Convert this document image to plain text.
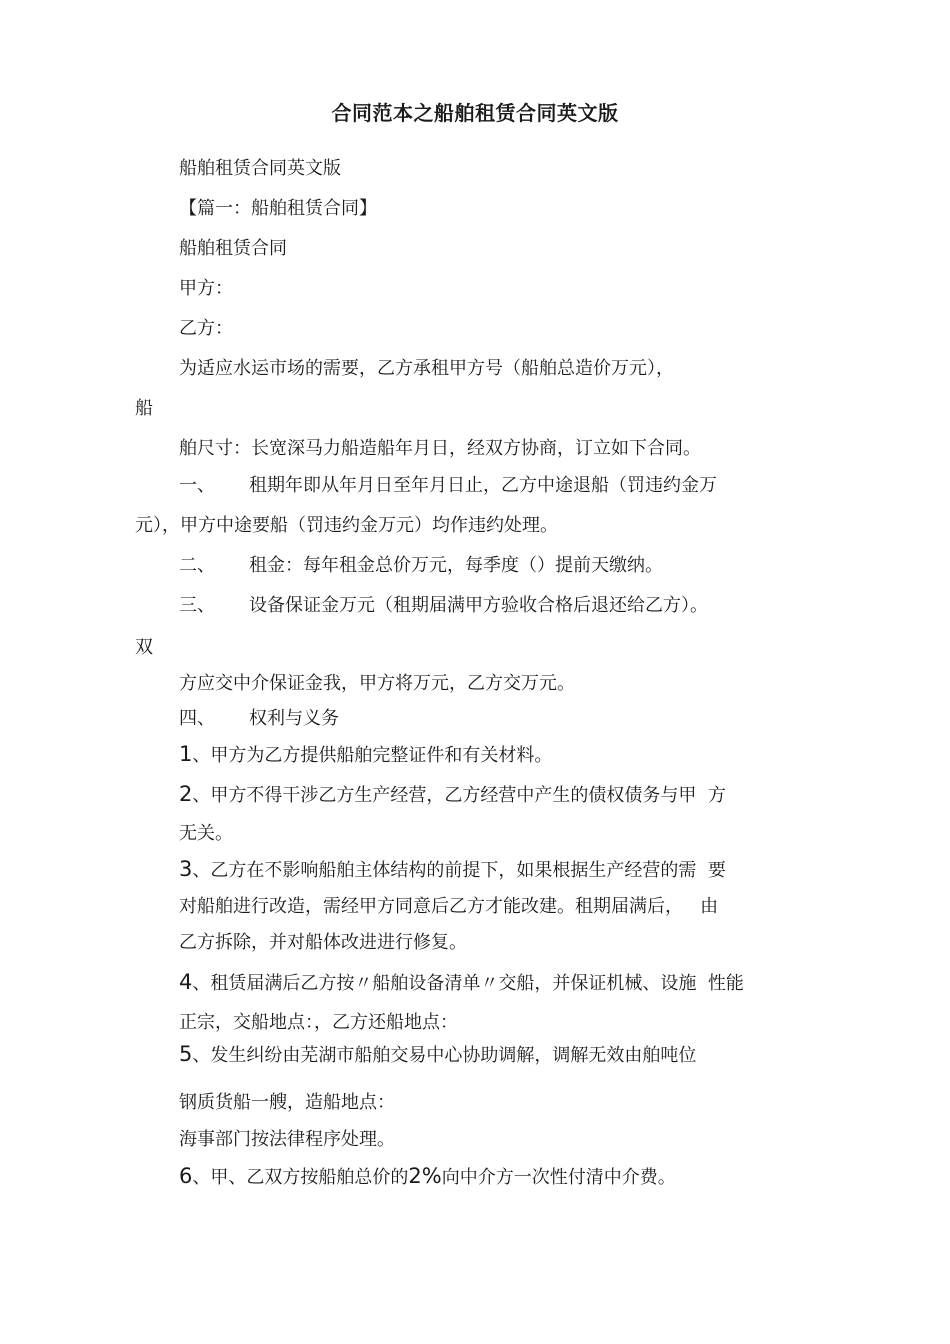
合同范本之船舶租赁合同英文版
船舶租赁合同英文版
【篇一：船舶租赁合同】
船舶租赁合同
甲方：
乙方：
为适应水运市场的需要，乙方承租甲方号（船舶总造价万元），
船
舶尺寸：长宽深马力船造船年月日，经双方协商，订立如下合同。
一、 租期年即从年月日至年月日止，乙方中途退船（罚违约金万
元），甲方中途要船（罚违约金万元）均作违约处理。
二、 租金：每年租金总价万元，每季度（）提前天缴纳。
三、 设备保证金万元（租期届满甲方验收合格后退还给乙方）。
双
方应交中介保证金我，甲方将万元，乙方交万元。
四、 权利与义务
1、甲方为乙方提供船舶完整证件和有关材料。
2、甲方不得干涉乙方生产经营，乙方经营中产生的债权债务与甲  方
无关。
3、乙方在不影响船舶主体结构的前提下，如果根据生产经营的需  要
对船舶进行改造，需经甲方同意后乙方才能改建。租期届满后，   由
乙方拆除，并对船体改进进行修复。
4、租赁届满后乙方按〃船舶设备清单〃交船，并保证机械、设施  性能
正宗，交船地点：，乙方还船地点：
5、发生纠纷由芜湖市船舶交易中心协助调解，调解无效由舶吨位
钢质货船一艘，造船地点：
海事部门按法律程序处理。
6、甲、乙双方按船舶总价的2%向中介方一次性付清中介费。
